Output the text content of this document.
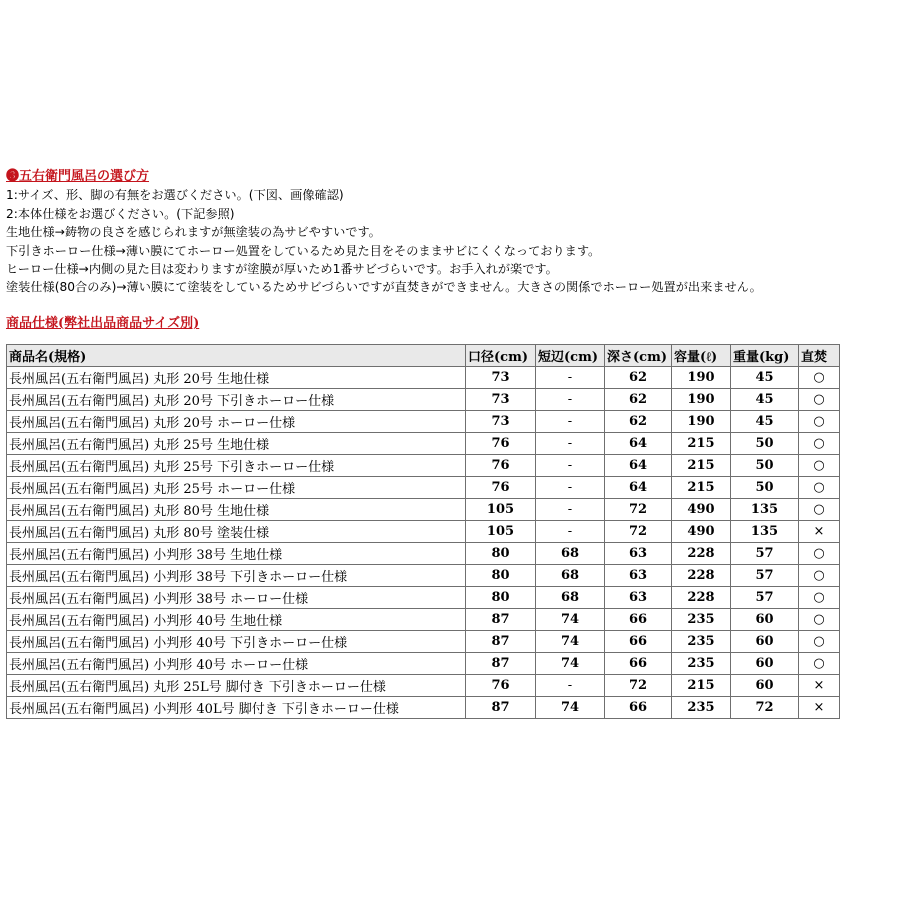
❸五右衛門風呂の選び方
1:サイズ、形、脚の有無をお選びください。(下図、画像確認)
2:本体仕様をお選びください。(下記参照)
生地仕様→鋳物の良さを感じられますが無塗装の為サビやすいです。
下引きホーロー仕様→薄い膜にてホーロー処置をしているため見た目をそのままサビにくくなっております。
ヒーロー仕様→内側の見た目は変わりますが塗膜が厚いため1番サビづらいです。お手入れが楽です。
塗装仕様(80合のみ)→薄い膜にて塗装をしているためサビづらいですが直焚きができません。大きさの関係でホーロー処置が出来ません。
商品仕様(弊社出品商品サイズ別)
商品名(規格)	口径(cm)	短辺(cm)	深さ(cm)	容量(ℓ)	重量(kg)	直焚
長州風呂(五右衛門風呂) 丸形 20号 生地仕様	73	-	62	190	45	○
長州風呂(五右衛門風呂) 丸形 20号 下引きホーロー仕様	73	-	62	190	45	○
長州風呂(五右衛門風呂) 丸形 20号 ホーロー仕様	73	-	62	190	45	○
長州風呂(五右衛門風呂) 丸形 25号 生地仕様	76	-	64	215	50	○
長州風呂(五右衛門風呂) 丸形 25号 下引きホーロー仕様	76	-	64	215	50	○
長州風呂(五右衛門風呂) 丸形 25号 ホーロー仕様	76	-	64	215	50	○
長州風呂(五右衛門風呂) 丸形 80号 生地仕様	105	-	72	490	135	○
長州風呂(五右衛門風呂) 丸形 80号 塗装仕様	105	-	72	490	135	×
長州風呂(五右衛門風呂) 小判形 38号 生地仕様	80	68	63	228	57	○
長州風呂(五右衛門風呂) 小判形 38号 下引きホーロー仕様	80	68	63	228	57	○
長州風呂(五右衛門風呂) 小判形 38号 ホーロー仕様	80	68	63	228	57	○
長州風呂(五右衛門風呂) 小判形 40号 生地仕様	87	74	66	235	60	○
長州風呂(五右衛門風呂) 小判形 40号 下引きホーロー仕様	87	74	66	235	60	○
長州風呂(五右衛門風呂) 小判形 40号 ホーロー仕様	87	74	66	235	60	○
長州風呂(五右衛門風呂) 丸形 25L号 脚付き 下引きホーロー仕様	76	-	72	215	60	×
長州風呂(五右衛門風呂) 小判形 40L号 脚付き 下引きホーロー仕様	87	74	66	235	72	×
